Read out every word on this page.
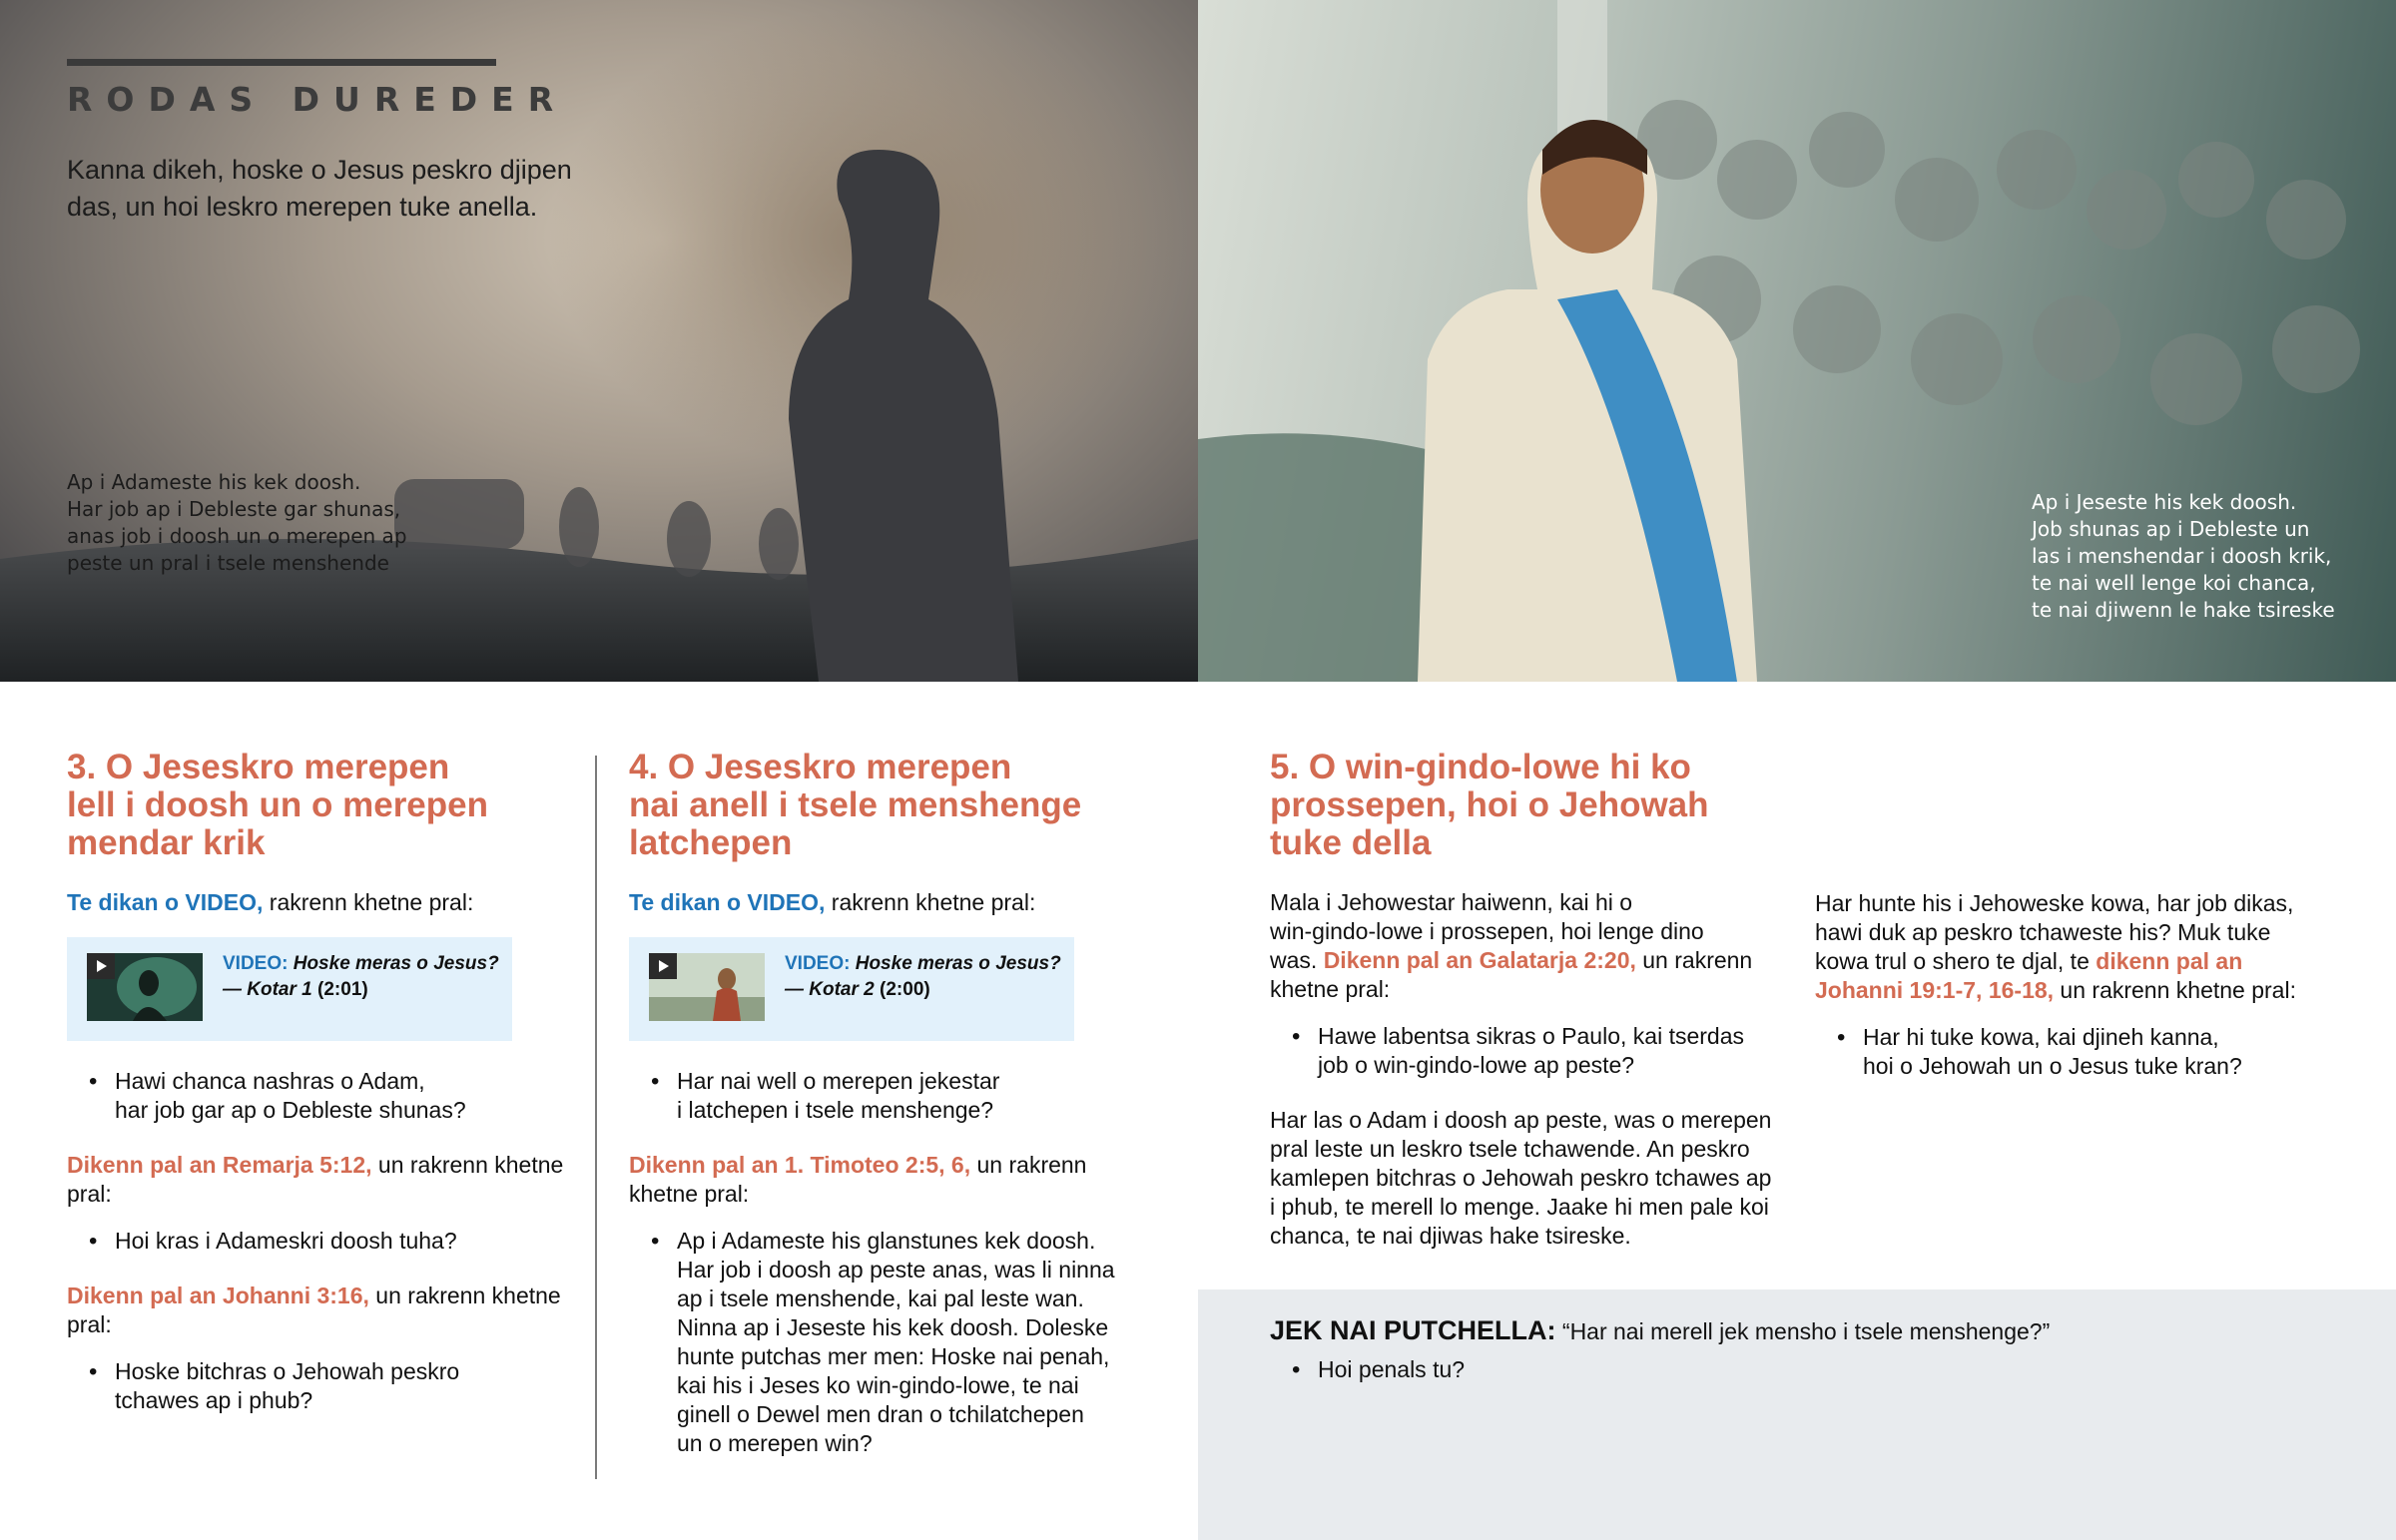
RODAS DUREDER
Kanna dikeh, hoske o Jesus peskro djipen das, un hoi leskro merepen tuke anella.
Ap i Adameste his kek doosh.
Har job ap i Debleste gar shunas,
anas job i doosh un o merepen ap
peste un pral i tsele menshende
Ap i Jeseste his kek doosh.
Job shunas ap i Debleste un
las i menshendar i doosh krik,
te nai well lenge koi chanca,
te nai djiwenn le hake tsireske
3. O Jeseskro merepen
lell i doosh un o merepen
mendar krik
Te dikan o VIDEO, rakrenn khetne pral:
VIDEO: Hoske meras o Jesus?
— Kotar 1 (2:01)
• Hawi chanca nashras o Adam,
har job gar ap o Debleste shunas?
Dikenn pal an Remarja 5:12, un rakrenn khetne pral:
• Hoi kras i Adameskri doosh tuha?
Dikenn pal an Johanni 3:16, un rakrenn khetne pral:
• Hoske bitchras o Jehowah peskro
tchawes ap i phub?
4. O Jeseskro merepen
nai anell i tsele menshenge
latchepen
Te dikan o VIDEO, rakrenn khetne pral:
VIDEO: Hoske meras o Jesus?
— Kotar 2 (2:00)
• Har nai well o merepen jekestar
i latchepen i tsele menshenge?
Dikenn pal an 1. Timoteo 2:5, 6, un rakrenn khetne pral:
• Ap i Adameste his glanstunes kek doosh.
Har job i doosh ap peste anas, was li ninna
ap i tsele menshende, kai pal leste wan.
Ninna ap i Jeseste his kek doosh. Doleske
hunte putchas mer men: Hoske nai penah,
kai his i Jeses ko win-gindo-lowe, te nai
ginell o Dewel men dran o tchilatchepen
un o merepen win?
5. O win-gindo-lowe hi ko
prossepen, hoi o Jehowah
tuke della
Mala i Jehowestar haiwenn, kai hi o
win-gindo-lowe i prossepen, hoi lenge dino
was. Dikenn pal an Galatarja 2:20, un rakrenn
khetne pral:
• Hawe labentsa sikras o Paulo, kai tserdas
job o win-gindo-lowe ap peste?
Har las o Adam i doosh ap peste, was o merepen
pral leste un leskro tsele tchawende. An peskro
kamlepen bitchras o Jehowah peskro tchawes ap
i phub, te merell lo menge. Jaake hi men pale koi
chanca, te nai djiwas hake tsireske.
Har hunte his i Jehoweske kowa, har job dikas,
hawi duk ap peskro tchaweste his? Muk tuke
kowa trul o shero te djal, te dikenn pal an
Johanni 19:1-7, 16-18, un rakrenn khetne pral:
• Har hi tuke kowa, kai djineh kanna,
hoi o Jehowah un o Jesus tuke kran?
JEK NAI PUTCHELLA: “Har nai merell jek mensho i tsele menshenge?”
• Hoi penals tu?
